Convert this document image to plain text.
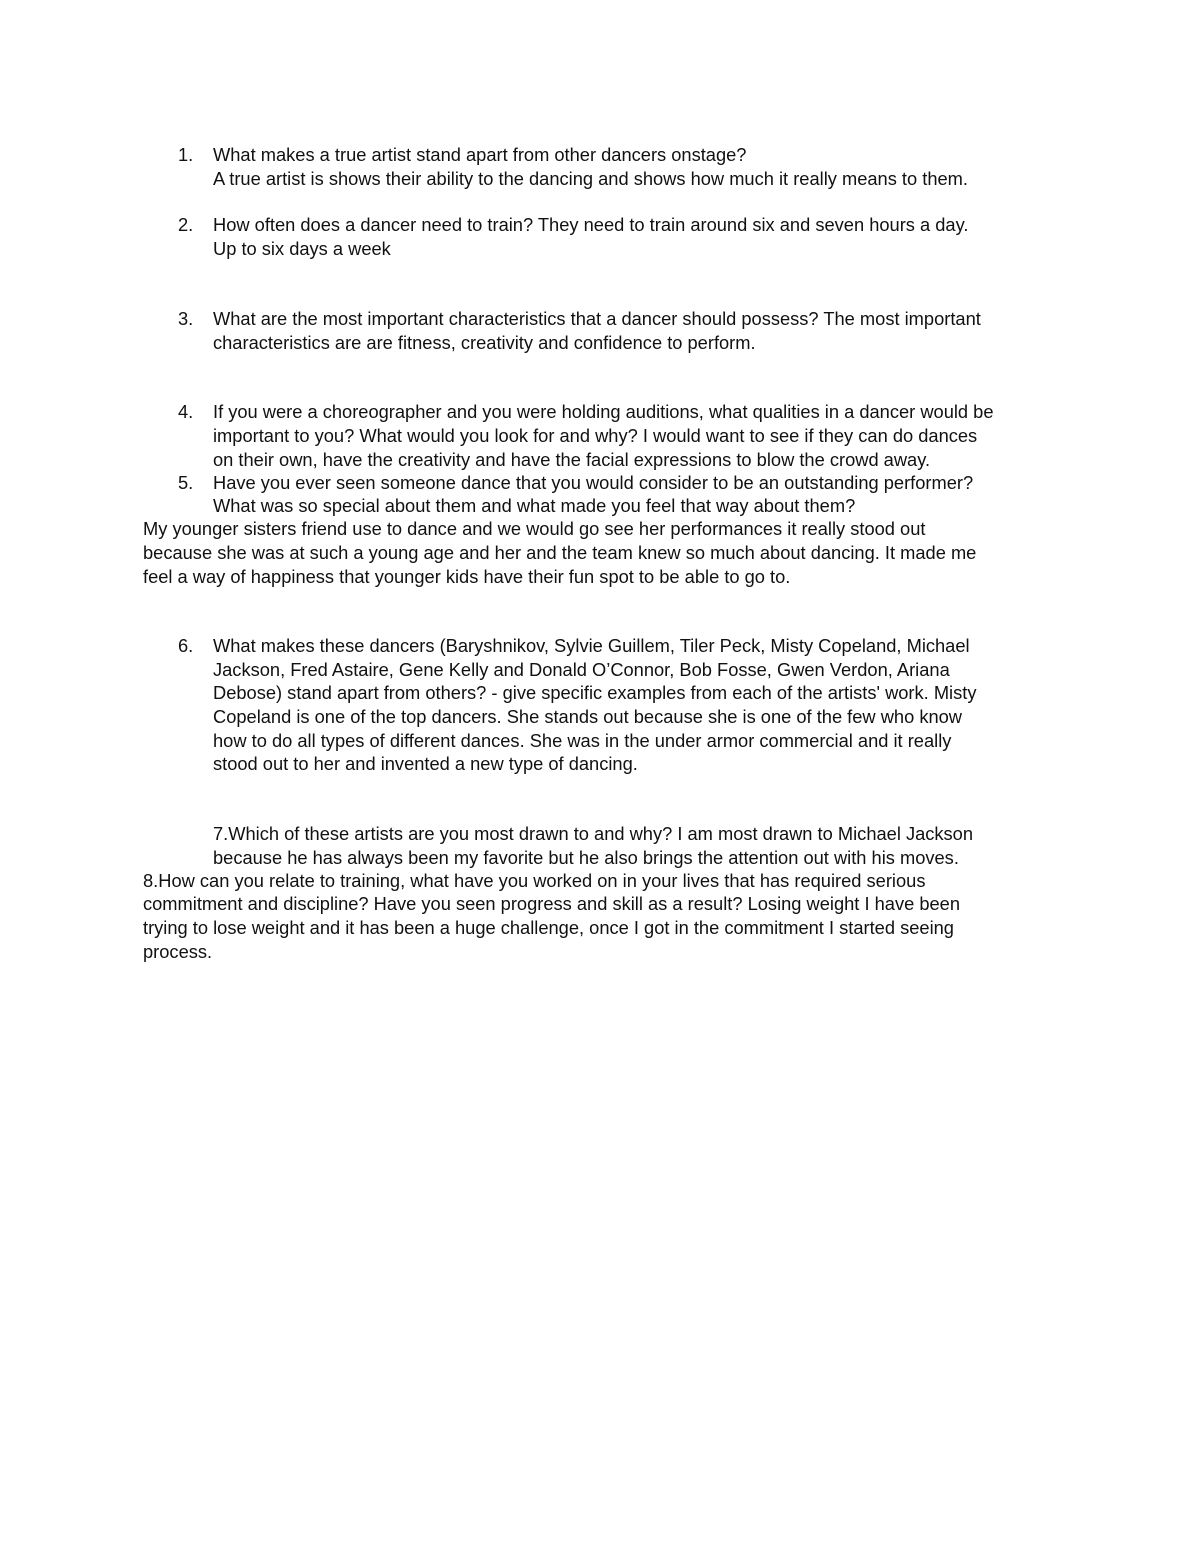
1. What makes a true artist stand apart from other dancers onstage?
A true artist is shows their ability to the dancing and shows how much it really means to them.
2. How often does a dancer need to train? They need to train around six and seven hours a day.
Up to six days a week
3. What are the most important characteristics that a dancer should possess? The most important
characteristics are are fitness, creativity and confidence to perform.
4. If you were a choreographer and you were holding auditions, what qualities in a dancer would be
important to you? What would you look for and why? I would want to see if they can do dances
on their own, have the creativity and have the facial expressions to blow the crowd away.
5. Have you ever seen someone dance that you would consider to be an outstanding performer?
What was so special about them and what made you feel that way about them?
My younger sisters friend use to dance and we would go see her performances it really stood out
because she was at such a young age and her and the team knew so much about dancing. It made me
feel a way of happiness that younger kids have their fun spot to be able to go to.
6. What makes these dancers (Baryshnikov, Sylvie Guillem, Tiler Peck, Misty Copeland, Michael
Jackson, Fred Astaire, Gene Kelly and Donald O’Connor, Bob Fosse, Gwen Verdon, Ariana
Debose) stand apart from others? - give specific examples from each of the artists' work. Misty
Copeland is one of the top dancers. She stands out because she is one of the few who know
how to do all types of different dances. She was in the under armor commercial and it really
stood out to her and invented a new type of dancing.
7.Which of these artists are you most drawn to and why? I am most drawn to Michael Jackson
because he has always been my favorite but he also brings the attention out with his moves.
8.How can you relate to training, what have you worked on in your lives that has required serious
commitment and discipline? Have you seen progress and skill as a result? Losing weight I have been
trying to lose weight and it has been a huge challenge, once I got in the commitment I started seeing
process.
